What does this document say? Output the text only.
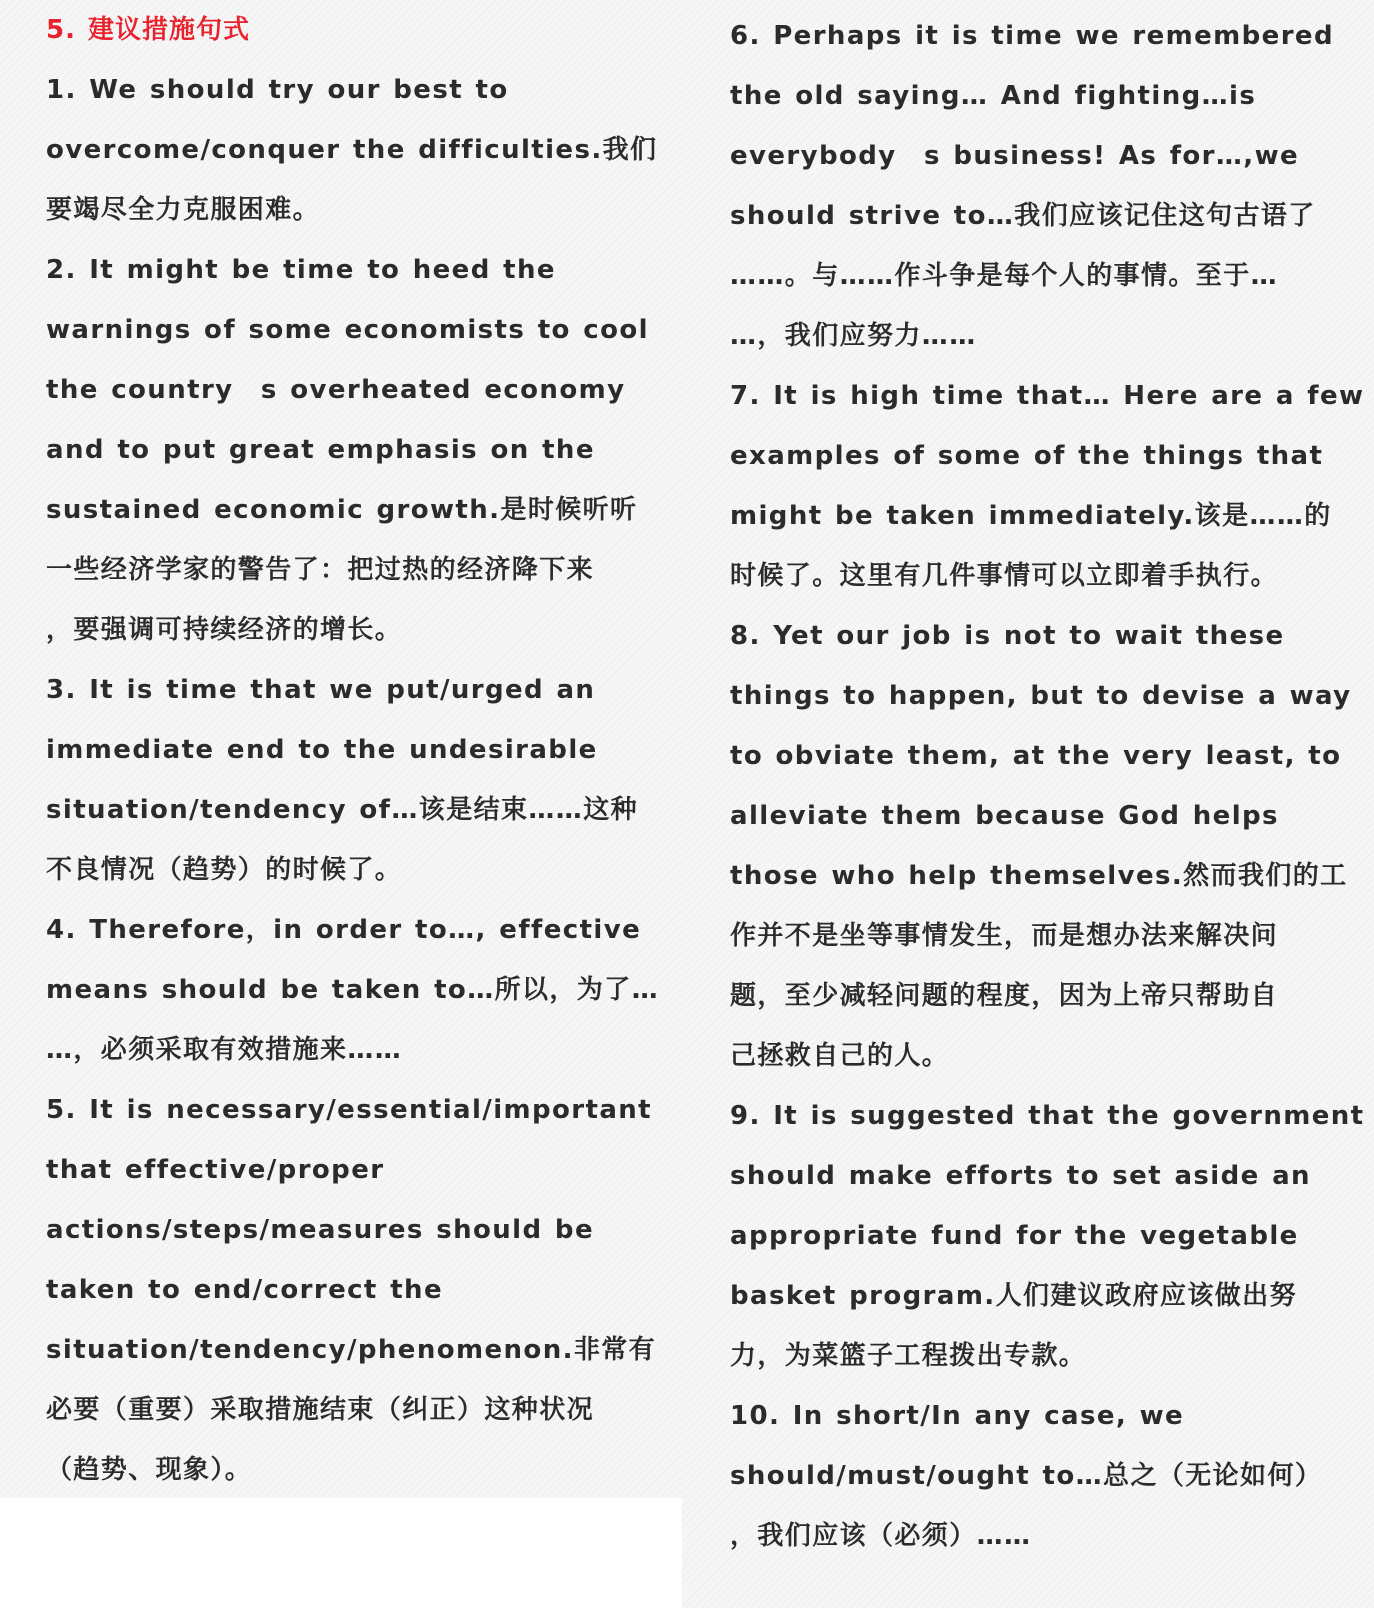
5. 建议措施句式

1. We should try our best to

overcome/conquer the difficulties.我们

要竭尽全力克服困难。

2. It might be time to heed the

warnings of some economists to cool

the country　s overheated economy

and to put great emphasis on the

sustained economic growth.是时候听听

一些经济学家的警告了：把过热的经济降下来

，要强调可持续经济的增长。

3. It is time that we put/urged an

immediate end to the undesirable

situation/tendency of…该是结束……这种

不良情况（趋势）的时候了。

4. Therefore，in order to…, effective

means should be taken to…所以，为了…

…，必须采取有效措施来……

5. It is necessary/essential/important

that effective/proper

actions/steps/measures should be

taken to end/correct the

situation/tendency/phenomenon.非常有

必要（重要）采取措施结束（纠正）这种状况

（趋势、现象）。

6. Perhaps it is time we remembered

the old saying… And fighting…is

everybody　s business! As for…,we

should strive to…我们应该记住这句古语了

……。与……作斗争是每个人的事情。至于…

…，我们应努力……

7. It is high time that… Here are a few

examples of some of the things that

might be taken immediately.该是……的

时候了。这里有几件事情可以立即着手执行。

8. Yet our job is not to wait these

things to happen, but to devise a way

to obviate them, at the very least, to

alleviate them because God helps

those who help themselves.然而我们的工

作并不是坐等事情发生，而是想办法来解决问

题，至少减轻问题的程度，因为上帝只帮助自

己拯救自己的人。

9. It is suggested that the government

should make efforts to set aside an

appropriate fund for the vegetable

basket program.人们建议政府应该做出努

力，为菜篮子工程拨出专款。

10. In short/In any case, we

should/must/ought to…总之（无论如何）

，我们应该（必须）……
